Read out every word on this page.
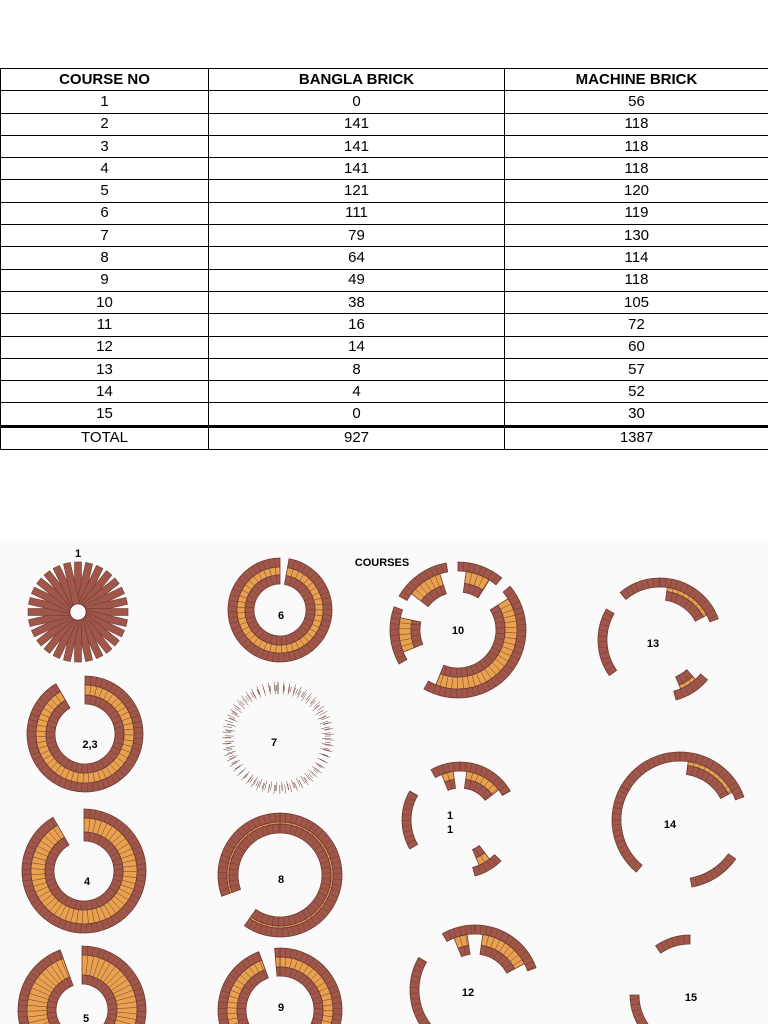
COURSE NO	BANGLA BRICK	MACHINE BRICK
1	0	56
2	141	118
3	141	118
4	141	118
5	121	120
6	111	119
7	79	130
8	64	114
9	49	118
10	38	105
11	16	72
12	14	60
13	8	57
14	4	52
15	0	30
TOTAL	927	1387
COURSES
1
2,3
4
5
6
7
8
9
10
1
1
12
13
14
15
